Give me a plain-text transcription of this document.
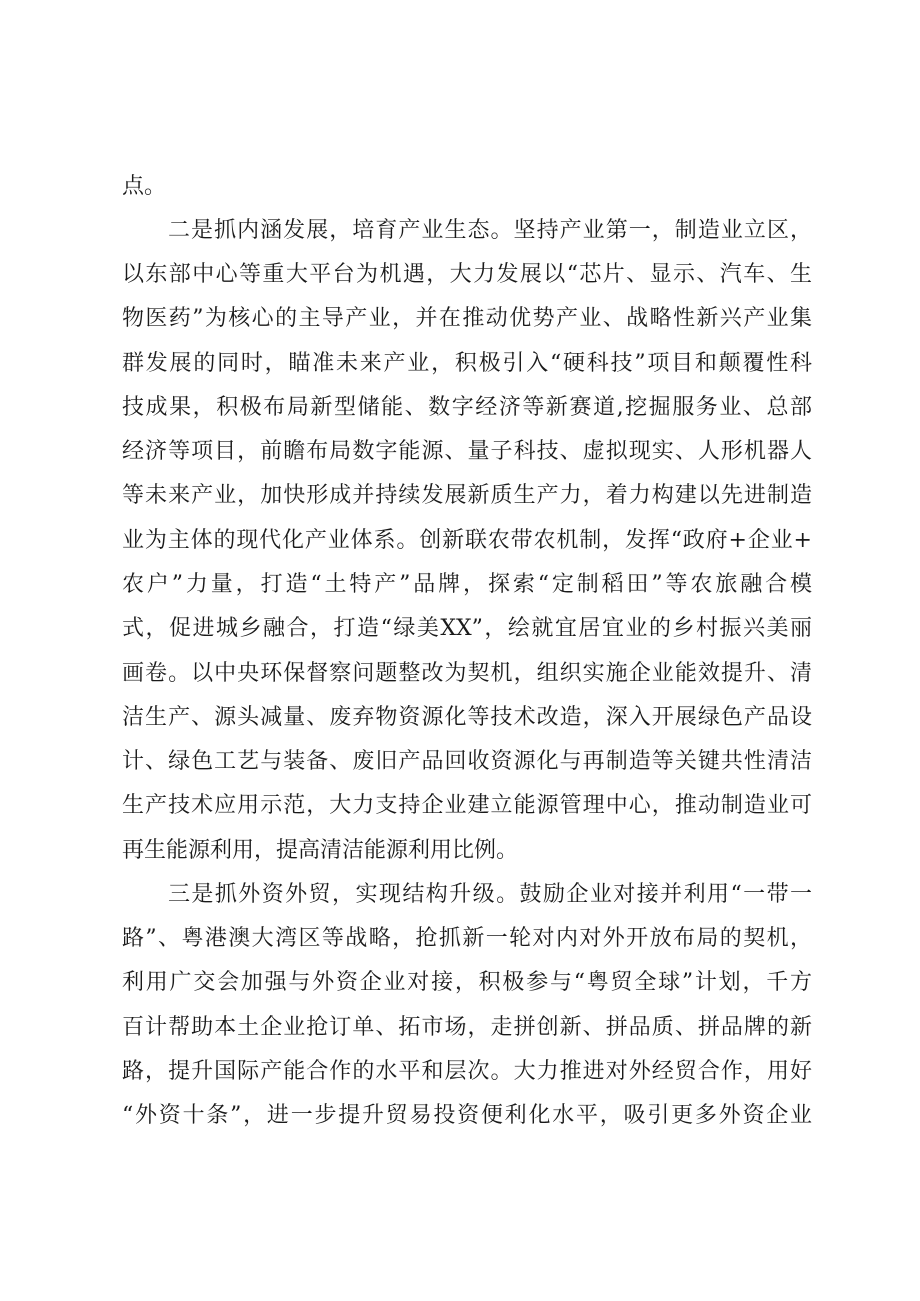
点。
二是抓内涵发展，培育产业生态。坚持产业第一，制造业立区，
以东部中心等重大平台为机遇，大力发展以“芯片、显示、汽车、生
物医药”为核心的主导产业，并在推动优势产业、战略性新兴产业集
群发展的同时，瞄准未来产业，积极引入“硬科技”项目和颠覆性科
技成果，积极布局新型储能、数字经济等新赛道,挖掘服务业、总部
经济等项目，前瞻布局数字能源、量子科技、虚拟现实、人形机器人
等未来产业，加快形成并持续发展新质生产力，着力构建以先进制造
业为主体的现代化产业体系。创新联农带农机制，发挥“政府+企业+
农户”力量，打造“土特产”品牌，探索“定制稻田”等农旅融合模
式，促进城乡融合，打造“绿美XX”，绘就宜居宜业的乡村振兴美丽
画卷。以中央环保督察问题整改为契机，组织实施企业能效提升、清
洁生产、源头减量、废弃物资源化等技术改造，深入开展绿色产品设
计、绿色工艺与装备、废旧产品回收资源化与再制造等关键共性清洁
生产技术应用示范，大力支持企业建立能源管理中心，推动制造业可
再生能源利用，提高清洁能源利用比例。
三是抓外资外贸，实现结构升级。鼓励企业对接并利用“一带一
路”、粤港澳大湾区等战略，抢抓新一轮对内对外开放布局的契机，
利用广交会加强与外资企业对接，积极参与“粤贸全球”计划，千方
百计帮助本土企业抢订单、拓市场，走拼创新、拼品质、拼品牌的新
路，提升国际产能合作的水平和层次。大力推进对外经贸合作，用好
“外资十条”，进一步提升贸易投资便利化水平，吸引更多外资企业
